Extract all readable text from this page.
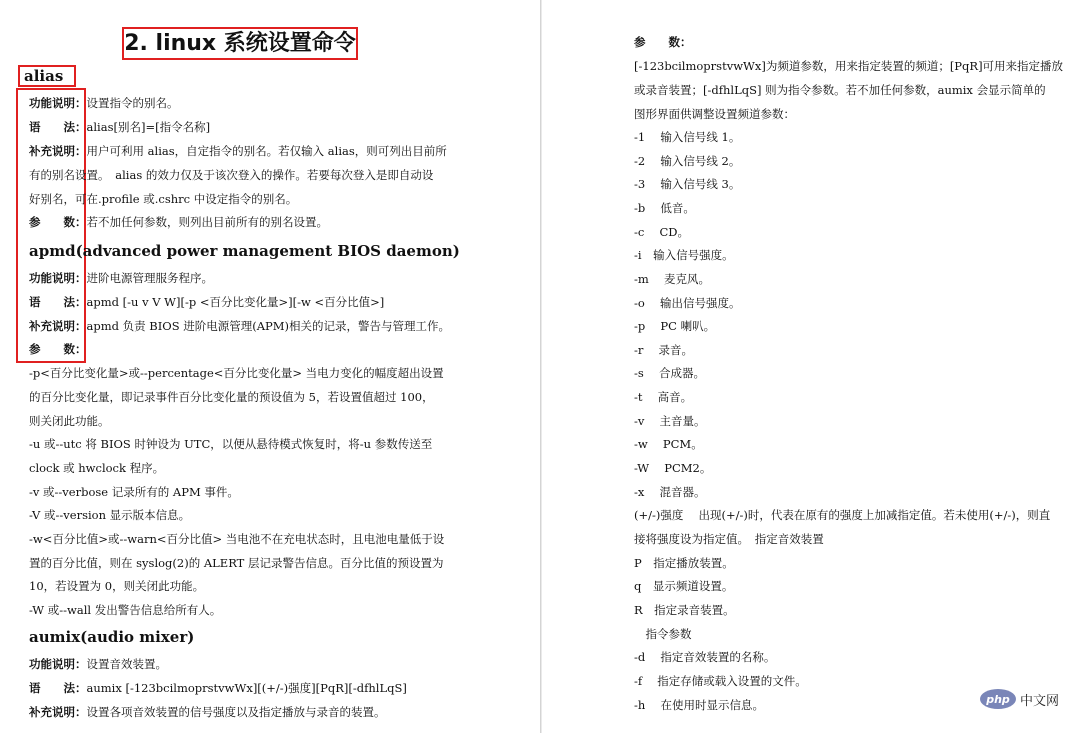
2. linux 系统设置命令
alias
功能说明：设置指令的别名。
语　　法：alias[别名]=[指令名称]
补充说明：用户可利用 alias，自定指令的别名。若仅输入 alias，则可列出目前所
有的别名设置。　alias 的效力仅及于该次登入的操作。若要每次登入是即自动设
好别名，可在.profile 或.cshrc 中设定指令的别名。
参　　数：若不加任何参数，则列出目前所有的别名设置。
apmd(advanced power management BIOS daemon)
功能说明：进阶电源管理服务程序。
语　　法：apmd [-u v V W][-p <百分比变化量>][-w <百分比值>]
补充说明：apmd 负责 BIOS 进阶电源管理(APM)相关的记录，警告与管理工作。
参　　数：
-p<百分比变化量>或--percentage<百分比变化量> 当电力变化的幅度超出设置
的百分比变化量，即记录事件百分比变化量的预设值为 5，若设置值超过 100，
则关闭此功能。
-u 或--utc 将 BIOS 时钟设为 UTC，以便从悬待模式恢复时，将-u 参数传送至
clock 或 hwclock 程序。
-v 或--verbose 记录所有的 APM 事件。
-V 或--version 显示版本信息。
-w<百分比值>或--warn<百分比值> 当电池不在充电状态时，且电池电量低于设
置的百分比值，则在 syslog(2)的 ALERT 层记录警告信息。百分比值的预设置为
10，若设置为 0，则关闭此功能。
-W 或--wall 发出警告信息给所有人。
aumix(audio mixer)
功能说明：设置音效装置。
语　　法：aumix [-123bcilmoprstvwWx][(+/-)强度][PqR][-dfhlLqS]
补充说明：设置各项音效装置的信号强度以及指定播放与录音的装置。
参　　数：
[-123bcilmoprstvwWx]为频道参数，用来指定装置的频道；[PqR]可用来指定播放
或录音装置；[-dfhlLqS] 则为指令参数。若不加任何参数，aumix 会显示简单的
图形界面供调整设置频道参数：
-1　 输入信号线 1。
-2　 输入信号线 2。
-3　 输入信号线 3。
-b　 低音。
-c　 CD。
-i　输入信号强度。
-m　 麦克风。
-o　 输出信号强度。
-p　 PC 喇叭。
-r　 录音。
-s　 合成器。
-t　 高音。
-v　 主音量。
-w　 PCM。
-W　 PCM2。
-x　 混音器。
(+/-)强度　 出现(+/-)时，代表在原有的强度上加减指定值。若未使用(+/-)，则直
接将强度设为指定值。　指定音效装置
P　指定播放装置。
q　显示频道设置。
R　指定录音装置。
　指令参数
-d　 指定音效装置的名称。
-f　 指定存储或载入设置的文件。
-h　 在使用时显示信息。	php 中文网
